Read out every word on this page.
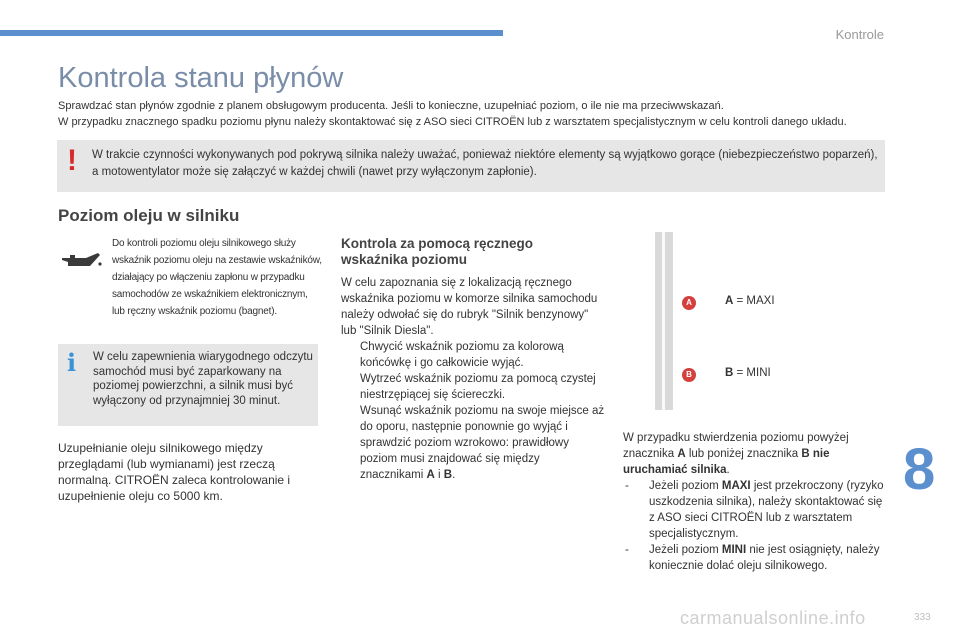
Kontrole
Kontrola stanu płynów

Sprawdzać stan płynów zgodnie z planem obsługowym producenta. Jeśli to konieczne, uzupełniać poziom, o ile nie ma przeciwwskazań.

W przypadku znacznego spadku poziomu płynu należy skontaktować się z ASO sieci CITROËN lub z warsztatem specjalistycznym w celu kontroli danego układu.

! W trakcie czynności wykonywanych pod pokrywą silnika należy uważać, ponieważ niektóre elementy są wyjątkowo gorące (niebezpieczeństwo poparzeń), a motowentylator może się załączyć w każdej chwili (nawet przy wyłączonym zapłonie).
Poziom oleju w silniku
Do kontroli poziomu oleju silnikowego służy wskaźnik poziomu oleju na zestawie wskaźników, działający po włączeniu zapłonu w przypadku samochodów ze wskaźnikiem elektronicznym, lub ręczny wskaźnik poziomu (bagnet).
i W celu zapewnienia wiarygodnego odczytu samochód musi być zaparkowany na poziomej powierzchni, a silnik musi być wyłączony od przynajmniej 30 minut.
Uzupełnianie oleju silnikowego między przeglądami (lub wymianami) jest rzeczą normalną. CITROËN zaleca kontrolowanie i uzupełnienie oleju co 5000 km.
Kontrola za pomocą ręcznego wskaźnika poziomu

W celu zapoznania się z lokalizacją ręcznego wskaźnika poziomu w komorze silnika samochodu należy odwołać się do rubryk "Silnik benzynowy" lub "Silnik Diesla".

Chwycić wskaźnik poziomu za kolorową końcówkę i go całkowicie wyjąć.
Wytrzeć wskaźnik poziomu za pomocą czystej niestrzępiącej się ściereczki.
Wsunąć wskaźnik poziomu na swoje miejsce aż do oporu, następnie ponownie go wyjąć i sprawdzić poziom wzrokowo: prawidłowy poziom musi znajdować się między znacznikami A i B.
A
B
A = MAXI
B = MINI

W przypadku stwierdzenia poziomu powyżej znacznika A lub poniżej znacznika B nie uruchamiać silnika.

- Jeżeli poziom MAXI jest przekroczony (ryzyko uszkodzenia silnika), należy skontaktować się z ASO sieci CITROËN lub z warsztatem specjalistycznym.
- Jeżeli poziom MINI nie jest osiągnięty, należy koniecznie dolać oleju silnikowego.
8
carmanualsonline.info	333
